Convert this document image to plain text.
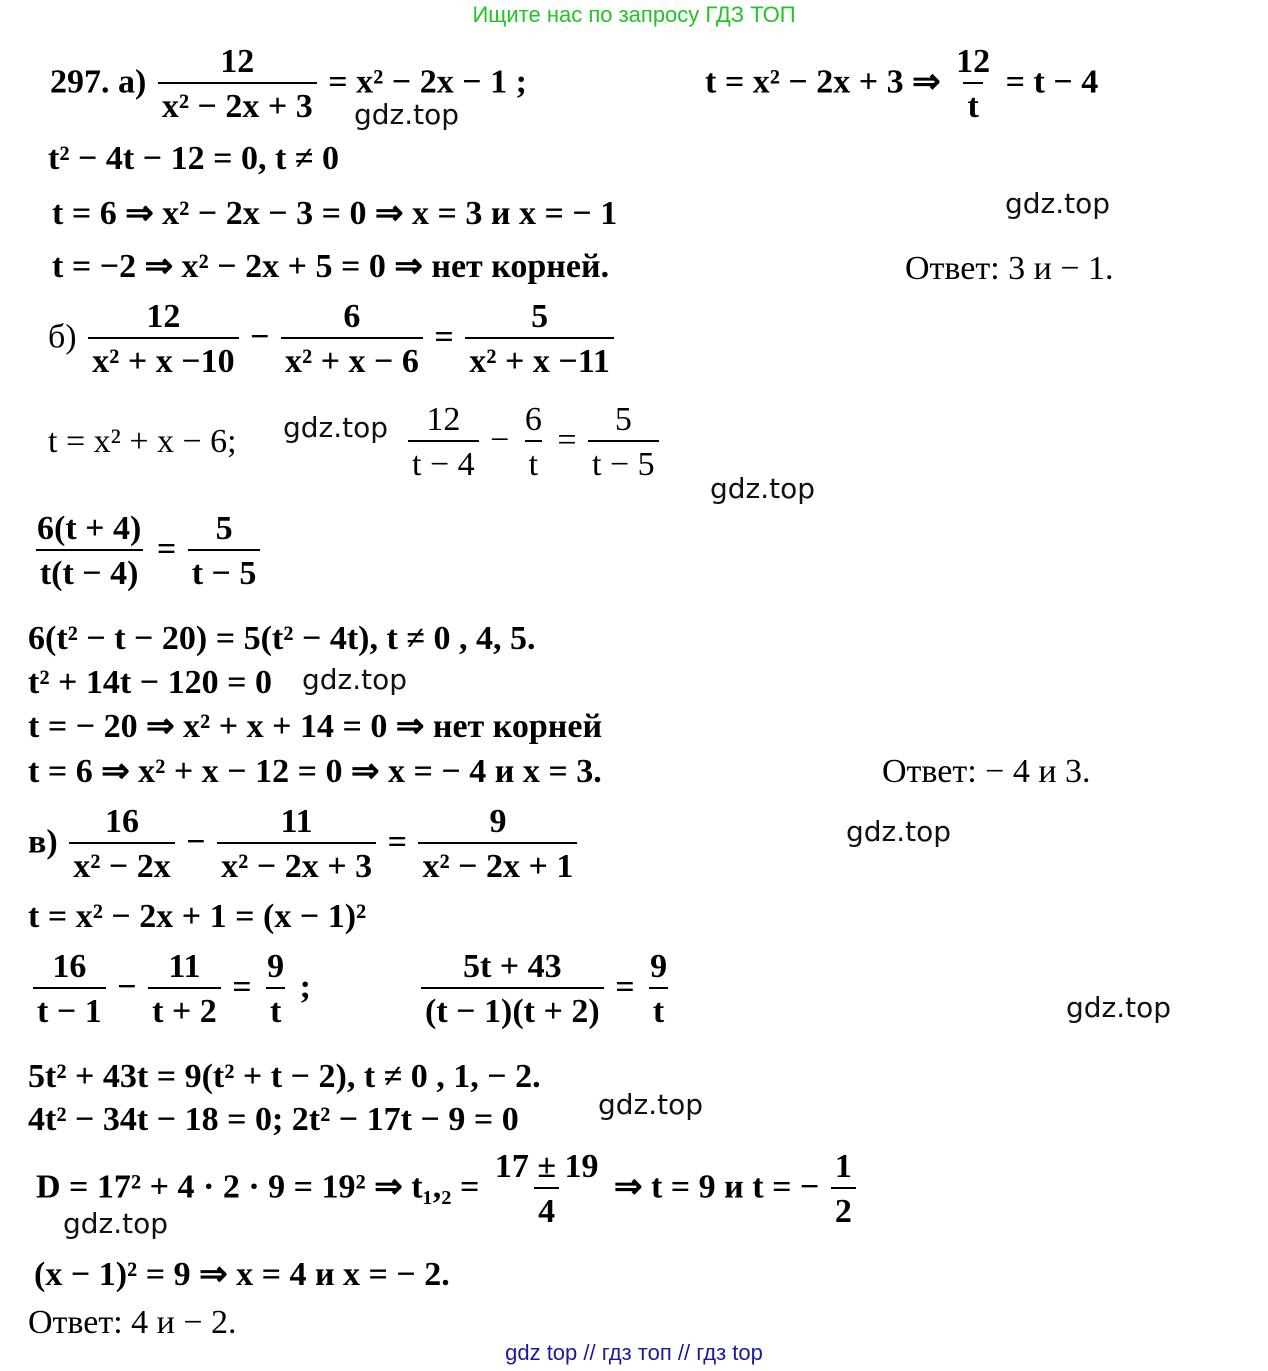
Ищите нас по запросу ГДЗ ТОП
297. $а) \frac{12}{\text{x² − 2x + 3}} = x^2 - 2x - 1$ ;	t = x² − 2x + 3 ⇒ $\frac{12}{t} = t - 4$
t² − 4t − 12 = 0, t ≠ 0
t = 6 ⇒ x² − 2x − 3 = 0 ⇒ x = 3 и x = − 1
t = −2 ⇒ x² − 2x + 5 = 0 ⇒ нет корней.	Ответ: 3 и − 1.
$б) \frac{12}{\text{x² + x −10}} - \frac{6}{\text{x² + x − 6}} = \frac{5}{\text{x² + x −11}}$
t = x² + x − 6;	$\frac{12}{t - 4} - \frac{6}{t} = \frac{5}{t - 5}$
$\frac{6(t + 4)}{t(t - 4)} = \frac{5}{t - 5}$
6(t² − t − 20) = 5(t² − 4t), t ≠ 0 , 4, 5.
t² + 14t − 120 = 0
t = − 20 ⇒ x² + x + 14 = 0 ⇒ нет корней
t = 6 ⇒ x² + x − 12 = 0 ⇒ x = − 4 и x = 3.	Ответ: − 4 и 3.
$в) \frac{16}{\text{x² − 2x}} - \frac{11}{\text{x² − 2x + 3}} = \frac{9}{\text{x² − 2x + 1}}$
t = x² − 2x + 1 = (x − 1)²
$\frac{16}{t - 1} - \frac{11}{t + 2} = \frac{9}{t}$ ;	$\frac{5t + 43}{(t - 1)(t + 2)} = \frac{9}{t}$
5t² + 43t = 9(t² + t − 2), t ≠ 0 , 1, − 2.
4t² − 34t − 18 = 0; 2t² − 17t − 9 = 0
D = 17² + 4 · 2 · 9 = 19² ⇒ $t_1,_2 = \frac{17 \pm 19}{4}$ ⇒ t = 9 и t = − $\frac{1}{2}$
(x − 1)² = 9 ⇒ x = 4 и x = − 2.
Ответ: 4 и − 2.
gdz.top
gdz.top
gdz.top
gdz.top
gdz.top
gdz.top
gdz.top
gdz.top
gdz.top
gdz top // гдз топ // гдз top
